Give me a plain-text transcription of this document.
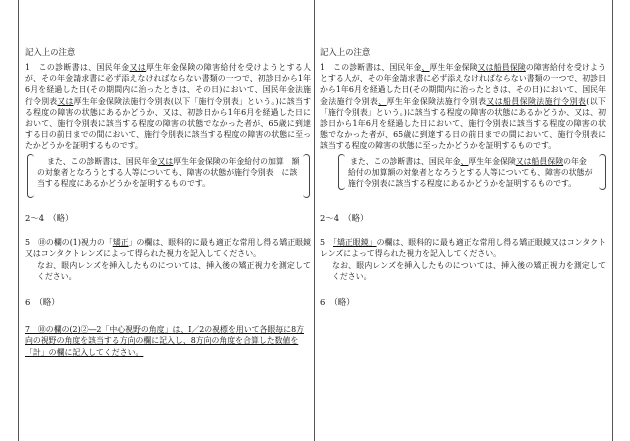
記入上の注意
1　この診断書は、国民年金又は厚生年金保険の障害給付を受けようとする人が、その年金請求書に必ず添えなければならない書類の一つで、初診日から1年6月を経過した日(その期間内に治ったときは、その日)において、国民年金法施行令別表又は厚生年金保険法施行令別表(以下「施行令別表」という。)に該当する程度の障害の状態にあるかどうか、又は、初診日から1年6月を経過した日において、施行令別表に該当する程度の障害の状態でなかった者が、65歳に到達する日の前日までの間において、施行令別表に該当する程度の障害の状態に至ったかどうかを証明するものです。
また、この診断書は、国民年金又は厚生年金保険の年金給付の加算　額の対象者となろうとする人等についても、障害の状態が施行令別表　に該当する程度にあるかどうかを証明するものです。
2〜4　（略）
5　⑩の欄の(1)視力の「矯正」の欄は、眼科的に最も適正な常用し得る矯正眼鏡又はコンタクトレンズによって得られた視力を記入してください。
なお、眼内レンズを挿入したものについては、挿入後の矯正視力を測定してください。
6　（略）
7　⑩の欄の(2)②―2「中心視野の角度」は、Ⅰ／2の視標を用いて各眼毎に8方向の視野の角度を該当する方向の欄に記入し、8方向の角度を合算した数値を「計」の欄に記入してください。
記入上の注意
1　この診断書は、国民年金、厚生年金保険又は船員保険の障害給付を受けようとする人が、その年金請求書に必ず添えなければならない書類の一つで、初診日から1年6月を経過した日(その期間内に治ったときは、その日)において、国民年金法施行令別表、厚生年金保険法施行令別表又は船員保険法施行令別表(以下「施行令別表」という。)に該当する程度の障害の状態にあるかどうか、又は、初診日から1年6月を経過した日において、施行令別表に該当する程度の障害の状態でなかった者が、65歳に到達する日の前日までの間において、施行令別表に該当する程度の障害の状態に至ったかどうかを証明するものです。
また、この診断書は、国民年金、厚生年金保険又は船員保険の年金　給付の加算額の対象者となろうとする人等についても、障害の状態が　施行令別表に該当する程度にあるかどうかを証明するものです。
2〜4　（略）
5　「矯正眼鏡」の欄は、眼科的に最も適正な常用し得る矯正眼鏡又はコンタクトレンズによって得られた視力を記入してください。
なお、眼内レンズを挿入したものについては、挿入後の矯正視力を測定してください。
6　（略）
